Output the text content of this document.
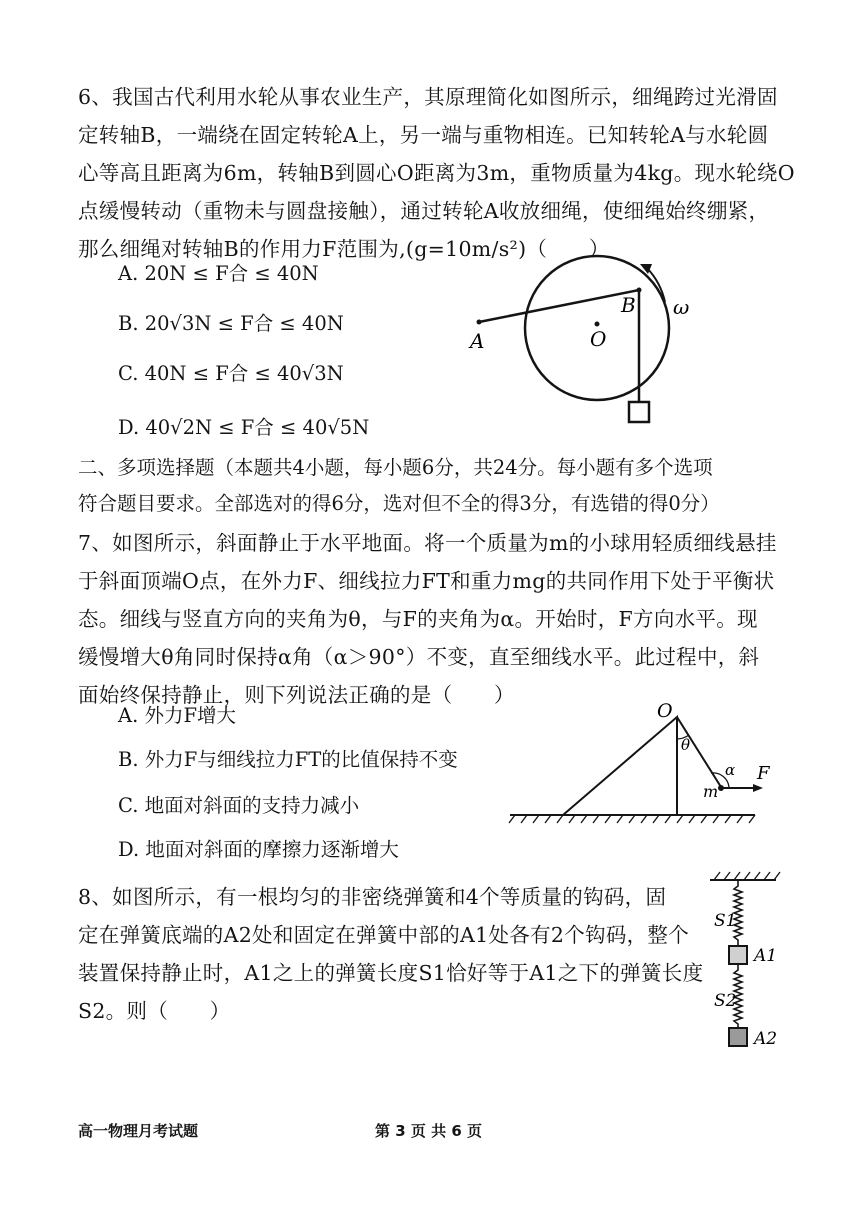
6、我国古代利用水轮从事农业生产，其原理简化如图所示，细绳跨过光滑固
定转轴B，一端绕在固定转轮A上，另一端与重物相连。已知转轮A与水轮圆
心等高且距离为6m，转轴B到圆心O距离为3m，重物质量为4kg。现水轮绕O
点缓慢转动（重物未与圆盘接触），通过转轮A收放细绳，使细绳始终绷紧，
那么细绳对转轴B的作用力F范围为,(g=10m/s²)（　　）
A. 20N ≤ F合 ≤ 40N
B. 20√3N ≤ F合 ≤ 40N
C. 40N ≤ F合 ≤ 40√3N
D. 40√2N ≤ F合 ≤ 40√5N
A
B
O
ω
二、多项选择题（本题共4小题，每小题6分，共24分。每小题有多个选项
符合题目要求。全部选对的得6分，选对但不全的得3分，有选错的得0分）
7、如图所示，斜面静止于水平地面。将一个质量为m的小球用轻质细线悬挂
于斜面顶端O点，在外力F、细线拉力FT和重力mg的共同作用下处于平衡状
态。细线与竖直方向的夹角为θ，与F的夹角为α。开始时，F方向水平。现
缓慢增大θ角同时保持α角（α＞90°）不变，直至细线水平。此过程中，斜
面始终保持静止，则下列说法正确的是（　　）
A. 外力F增大
B. 外力F与细线拉力FT的比值保持不变
C. 地面对斜面的支持力减小
D. 地面对斜面的摩擦力逐渐增大
O
θ
α F
m
8、如图所示，有一根均匀的非密绕弹簧和4个等质量的钩码，固
定在弹簧底端的A2处和固定在弹簧中部的A1处各有2个钩码，整个
装置保持静止时，A1之上的弹簧长度S1恰好等于A1之下的弹簧长度
S2。则（　　）
S1
A1
S2
A2
高一物理月考试题	第 3 页 共 6 页
